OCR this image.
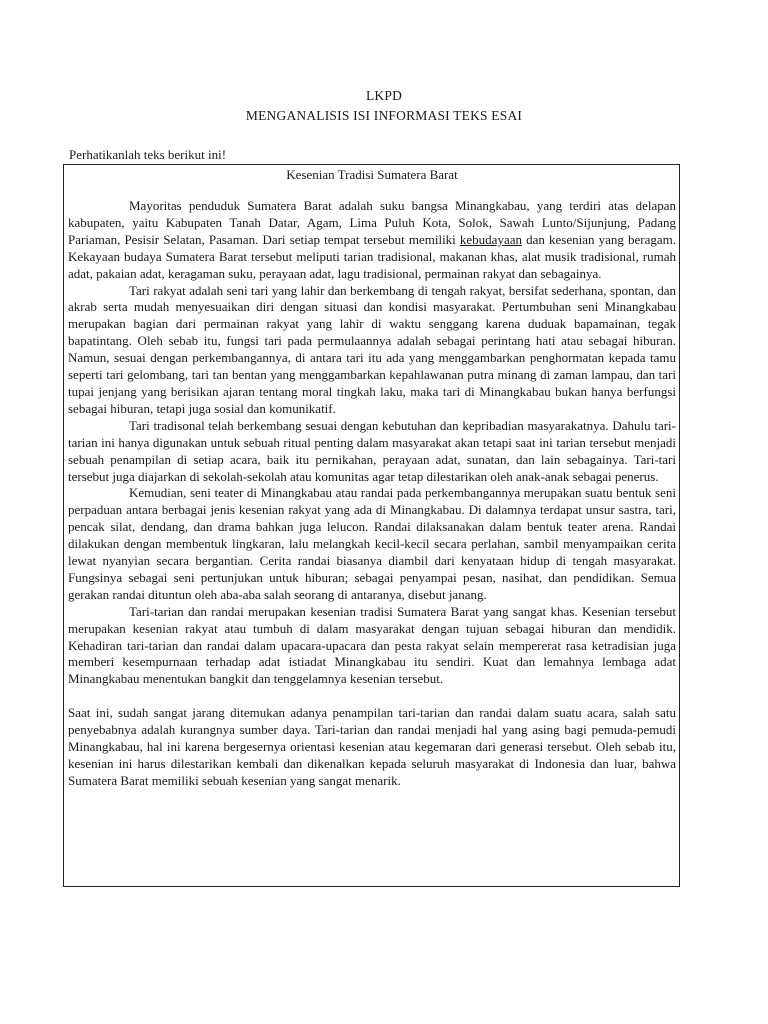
LKPD
MENGANALISIS ISI INFORMASI TEKS ESAI
Perhatikanlah teks berikut ini!
Kesenian Tradisi Sumatera Barat

Mayoritas penduduk Sumatera Barat adalah suku bangsa Minangkabau, yang terdiri atas delapan kabupaten, yaitu Kabupaten Tanah Datar, Agam, Lima Puluh Kota, Solok, Sawah Lunto/Sijunjung, Padang Pariaman, Pesisir Selatan, Pasaman. Dari setiap tempat tersebut memiliki kebudayaan dan kesenian yang beragam. Kekayaan budaya Sumatera Barat tersebut meliputi tarian tradisional, makanan khas, alat musik tradisional, rumah adat, pakaian adat, keragaman suku, perayaan adat, lagu tradisional, permainan rakyat dan sebagainya.

Tari rakyat adalah seni tari yang lahir dan berkembang di tengah rakyat, bersifat sederhana, spontan, dan akrab serta mudah menyesuaikan diri dengan situasi dan kondisi masyarakat. Pertumbuhan seni Minangkabau merupakan bagian dari permainan rakyat yang lahir di waktu senggang karena duduak bapamainan, tegak bapatintang. Oleh sebab itu, fungsi tari pada permulaannya adalah sebagai perintang hati atau sebagai hiburan. Namun, sesuai dengan perkembangannya, di antara tari itu ada yang menggambarkan penghormatan kepada tamu seperti tari gelombang, tari tan bentan yang menggambarkan kepahlawanan putra minang di zaman lampau, dan tari tupai jenjang yang berisikan ajaran tentang moral tingkah laku, maka tari di Minangkabau bukan hanya berfungsi sebagai hiburan, tetapi juga sosial dan komunikatif.

Tari tradisonal telah berkembang sesuai dengan kebutuhan dan kepribadian masyarakatnya. Dahulu tari-tarian ini hanya digunakan untuk sebuah ritual penting dalam masyarakat akan tetapi saat ini tarian tersebut menjadi sebuah penampilan di setiap acara, baik itu pernikahan, perayaan adat, sunatan, dan lain sebagainya. Tari-tari tersebut juga diajarkan di sekolah-sekolah atau komunitas agar tetap dilestarikan oleh anak-anak sebagai penerus.

Kemudian, seni teater di Minangkabau atau randai pada perkembangannya merupakan suatu bentuk seni perpaduan antara berbagai jenis kesenian rakyat yang ada di Minangkabau. Di dalamnya terdapat unsur sastra, tari, pencak silat, dendang, dan drama bahkan juga lelucon. Randai dilaksanakan dalam bentuk teater arena. Randai dilakukan dengan membentuk lingkaran, lalu melangkah kecil-kecil secara perlahan, sambil menyampaikan cerita lewat nyanyian secara bergantian. Cerita randai biasanya diambil dari kenyataan hidup di tengah masyarakat. Fungsinya sebagai seni pertunjukan untuk hiburan; sebagai penyampai pesan, nasihat, dan pendidikan. Semua gerakan randai dituntun oleh aba-aba salah seorang di antaranya, disebut janang.

Tari-tarian dan randai merupakan kesenian tradisi Sumatera Barat yang sangat khas. Kesenian tersebut merupakan kesenian rakyat atau tumbuh di dalam masyarakat dengan tujuan sebagai hiburan dan mendidik. Kehadiran tari-tarian dan randai dalam upacara-upacara dan pesta rakyat selain mempererat rasa ketradisian juga memberi kesempurnaan terhadap adat istiadat Minangkabau itu sendiri. Kuat dan lemahnya lembaga adat Minangkabau menentukan bangkit dan tenggelamnya kesenian tersebut.

Saat ini, sudah sangat jarang ditemukan adanya penampilan tari-tarian dan randai dalam suatu acara, salah satu penyebabnya adalah kurangnya sumber daya. Tari-tarian dan randai menjadi hal yang asing bagi pemuda-pemudi Minangkabau, hal ini karena bergesernya orientasi kesenian atau kegemaran dari generasi tersebut. Oleh sebab itu, kesenian ini harus dilestarikan kembali dan dikenalkan kepada seluruh masyarakat di Indonesia dan luar, bahwa Sumatera Barat memiliki sebuah kesenian yang sangat menarik.
